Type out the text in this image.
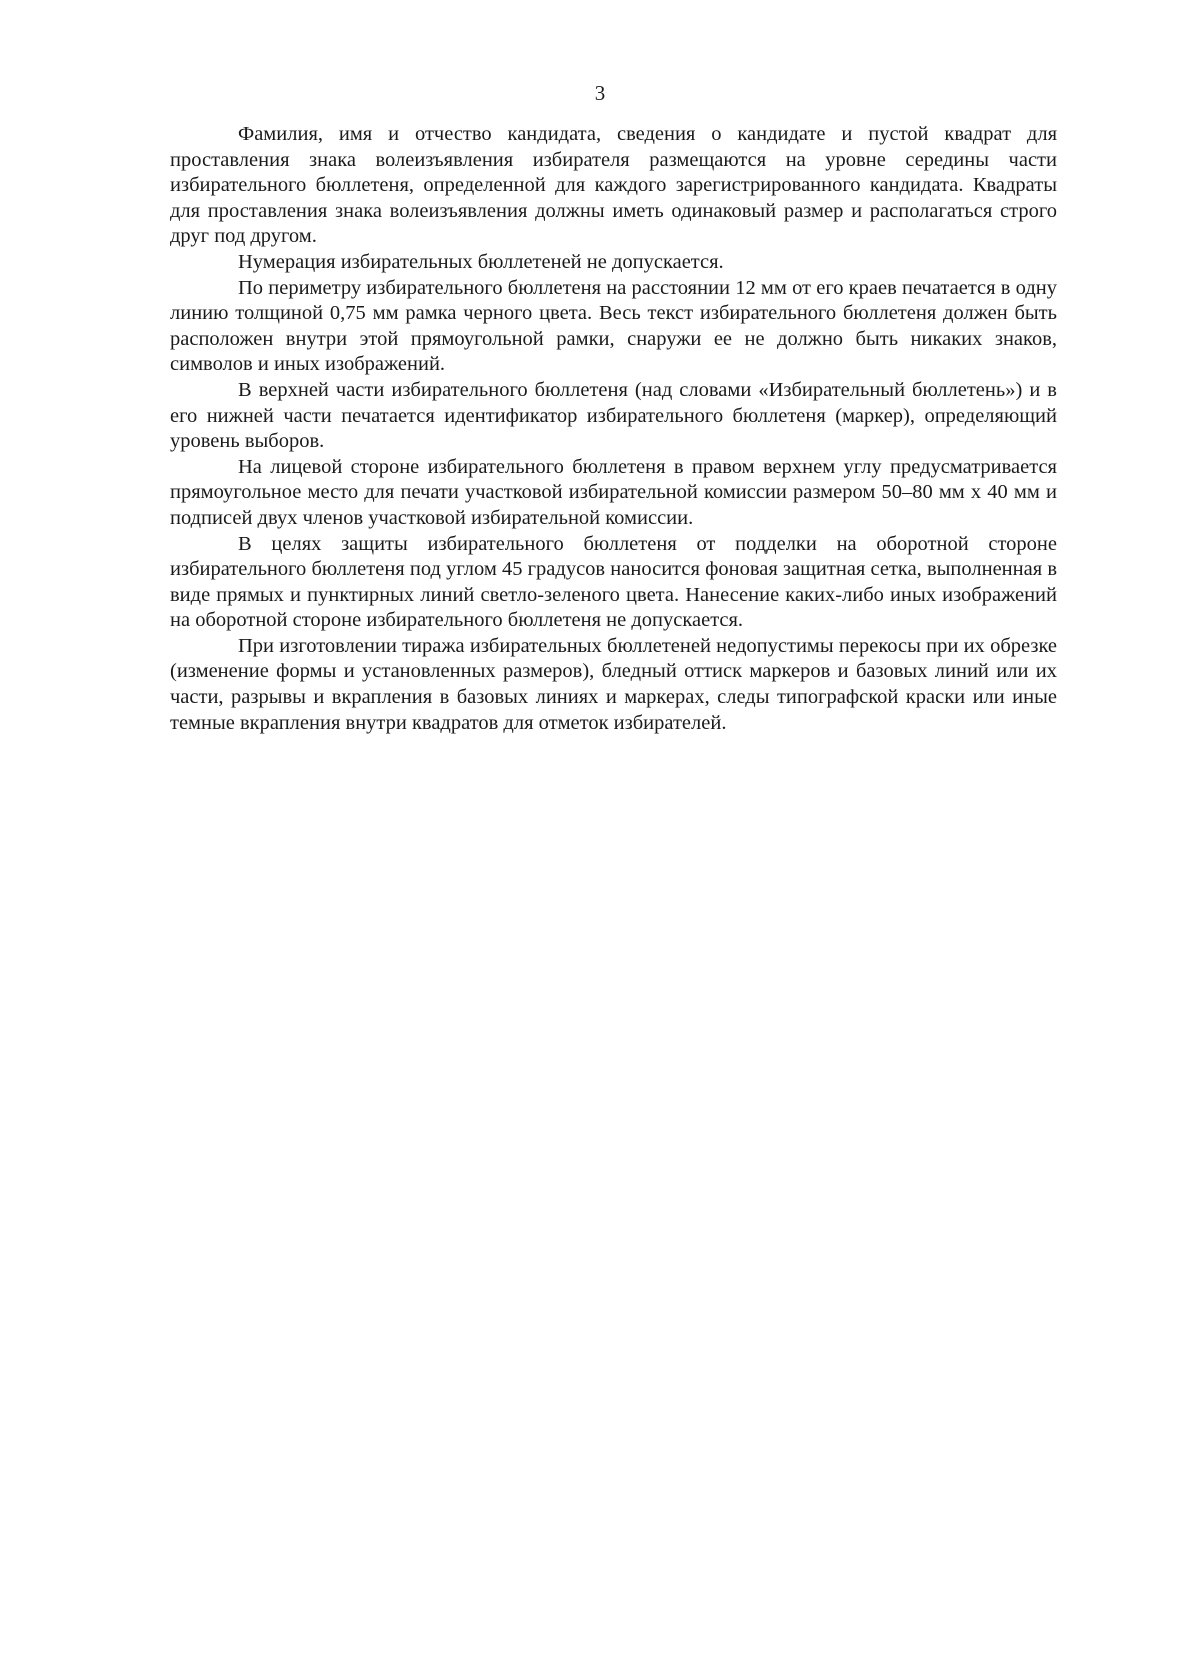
3

Фамилия, имя и отчество кандидата, сведения о кандидате и пустой квадрат для проставления знака волеизъявления избирателя размещаются на уровне середины части избирательного бюллетеня, определенной для каждого зарегистрированного кандидата. Квадраты для проставления знака волеизъявления должны иметь одинаковый размер и располагаться строго друг под другом.

Нумерация избирательных бюллетеней не допускается.

По периметру избирательного бюллетеня на расстоянии 12 мм от его краев печатается в одну линию толщиной 0,75 мм рамка черного цвета. Весь текст избирательного бюллетеня должен быть расположен внутри этой прямоугольной рамки, снаружи ее не должно быть никаких знаков, символов и иных изображений.

В верхней части избирательного бюллетеня (над словами «Избирательный бюллетень») и в его нижней части печатается идентификатор избирательного бюллетеня (маркер), определяющий уровень выборов.

На лицевой стороне избирательного бюллетеня в правом верхнем углу предусматривается прямоугольное место для печати участковой избирательной комиссии размером 50–80 мм х 40 мм и подписей двух членов участковой избирательной комиссии.

В целях защиты избирательного бюллетеня от подделки на оборотной стороне избирательного бюллетеня под углом 45 градусов наносится фоновая защитная сетка, выполненная в виде прямых и пунктирных линий светло-зеленого цвета. Нанесение каких-либо иных изображений на оборотной стороне избирательного бюллетеня не допускается.

При изготовлении тиража избирательных бюллетеней недопустимы перекосы при их обрезке (изменение формы и установленных размеров), бледный оттиск маркеров и базовых линий или их части, разрывы и вкрапления в базовых линиях и маркерах, следы типографской краски или иные темные вкрапления внутри квадратов для отметок избирателей.
